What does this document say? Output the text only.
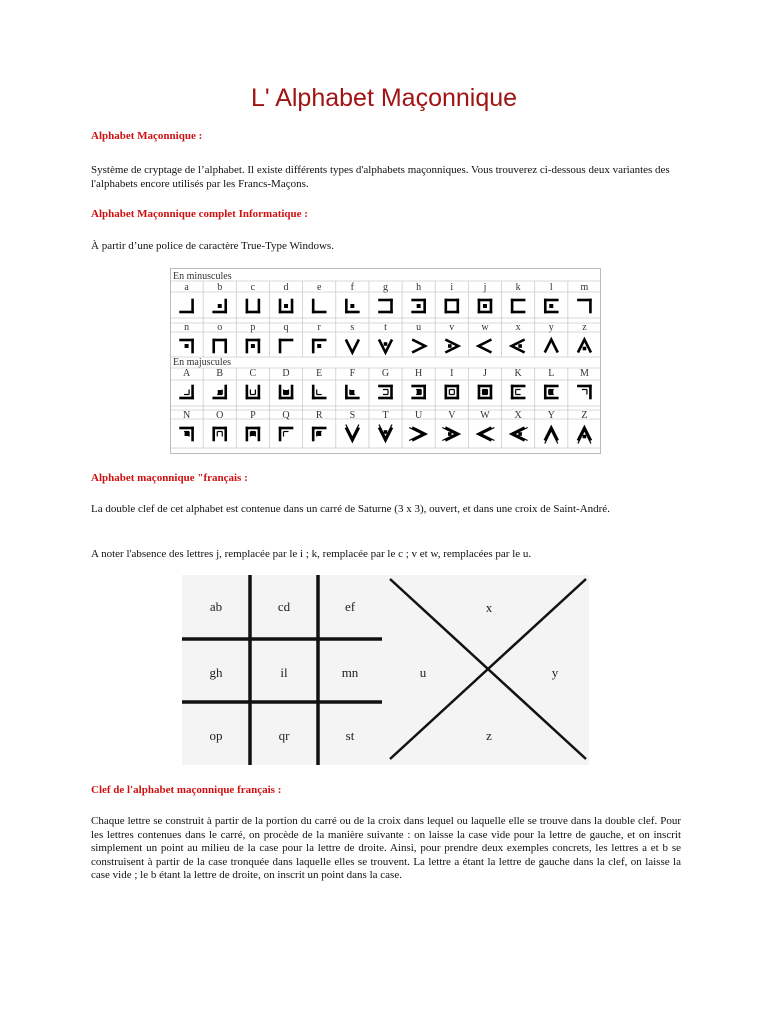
L' Alphabet Maçonnique
Alphabet Maçonnique :
Système de cryptage de l’alphabet. Il existe différents types d'alphabets maçonniques. Vous trouverez ci-dessous deux variantes des l'alphabets encore utilisés par les Francs-Maçons.
Alphabet Maçonnique complet Informatique :
À partir d’une police de caractère True-Type Windows.
En minuscules
En majuscules
a	b	c	d	e	f	g	h	i	j	k	l	m
n	o	p	q	r	s	t	u	v	w	x	y	z
A	B	C	D	E	F	G	H	I	J	K	L	M
N	O	P	Q	R	S	T	U	V W X	Y	Z
Alphabet maçonnique "français :
La double clef de cet alphabet est contenue dans un carré de Saturne (3 x 3), ouvert, et dans une croix de Saint-André.
A noter l'absence des lettres j, remplacée par le i ; k, remplacée par le c ; v et w, remplacées par le u.
ab	cd	ef
gh	il	mn
op	qr	st
x
u	y
z
Clef de l'alphabet maçonnique français :
Chaque lettre se construit à partir de la portion du carré ou de la croix dans lequel ou laquelle elle se trouve dans la double clef. Pour les lettres contenues dans le carré, on procède de la manière suivante : on laisse la case vide pour la lettre de gauche, et on inscrit simplement un point au milieu de la case pour la lettre de droite. Ainsi, pour prendre deux exemples concrets, les lettres a et b se construisent à partir de la case tronquée dans laquelle elles se trouvent. La lettre a étant la lettre de gauche dans la clef, on laisse la case vide ; le b étant la lettre de droite, on inscrit un point dans la case.
